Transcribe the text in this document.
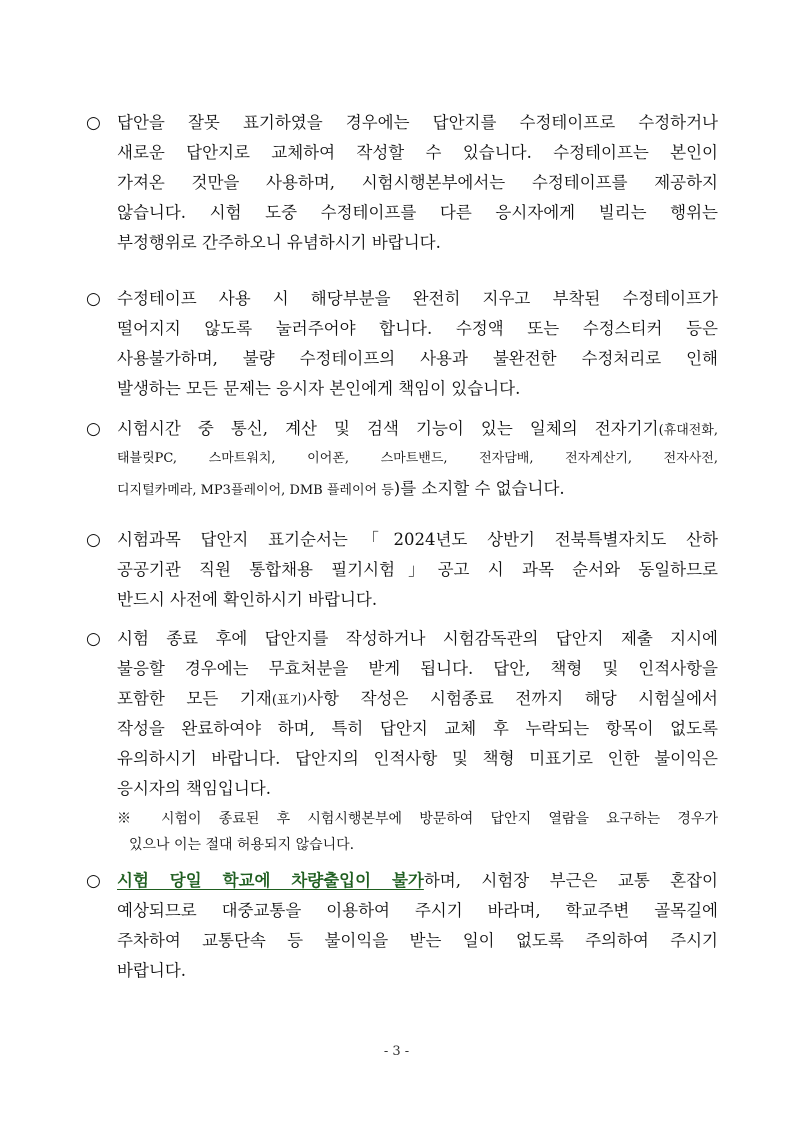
○ 답안을 잘못 표기하였을 경우에는 답안지를 수정테이프로 수정하거나
새로운 답안지로 교체하여 작성할 수 있습니다. 수정테이프는 본인이
가져온 것만을 사용하며, 시험시행본부에서는 수정테이프를 제공하지
않습니다. 시험 도중 수정테이프를 다른 응시자에게 빌리는 행위는
부정행위로 간주하오니 유념하시기 바랍니다.
○ 수정테이프 사용 시 해당부분을 완전히 지우고 부착된 수정테이프가
떨어지지 않도록 눌러주어야 합니다. 수정액 또는 수정스티커 등은
사용불가하며, 불량 수정테이프의 사용과 불완전한 수정처리로 인해
발생하는 모든 문제는 응시자 본인에게 책임이 있습니다.
○ 시험시간 중 통신, 계산 및 검색 기능이 있는 일체의 전자기기(휴대전화,
태블릿PC, 스마트워치, 이어폰, 스마트밴드, 전자담배, 전자계산기, 전자사전,
디지털카메라, MP3플레이어, DMB 플레이어 등)를 소지할 수 없습니다.
○ 시험과목 답안지 표기순서는「2024년도 상반기 전북특별자치도 산하
공공기관 직원 통합채용 필기시험」공고 시 과목 순서와 동일하므로
반드시 사전에 확인하시기 바랍니다.
○ 시험 종료 후에 답안지를 작성하거나 시험감독관의 답안지 제출 지시에
불응할 경우에는 무효처분을 받게 됩니다. 답안, 책형 및 인적사항을
포함한 모든 기재(표기)사항 작성은 시험종료 전까지 해당 시험실에서
작성을 완료하여야 하며, 특히 답안지 교체 후 누락되는 항목이 없도록
유의하시기 바랍니다. 답안지의 인적사항 및 책형 미표기로 인한 불이익은
응시자의 책임입니다.
※ 시험이 종료된 후 시험시행본부에 방문하여 답안지 열람을 요구하는 경우가
있으나 이는 절대 허용되지 않습니다.
○ 시험 당일 학교에 차량출입이 불가하며, 시험장 부근은 교통 혼잡이
예상되므로 대중교통을 이용하여 주시기 바라며, 학교주변 골목길에
주차하여 교통단속 등 불이익을 받는 일이 없도록 주의하여 주시기
바랍니다.
- 3 -
